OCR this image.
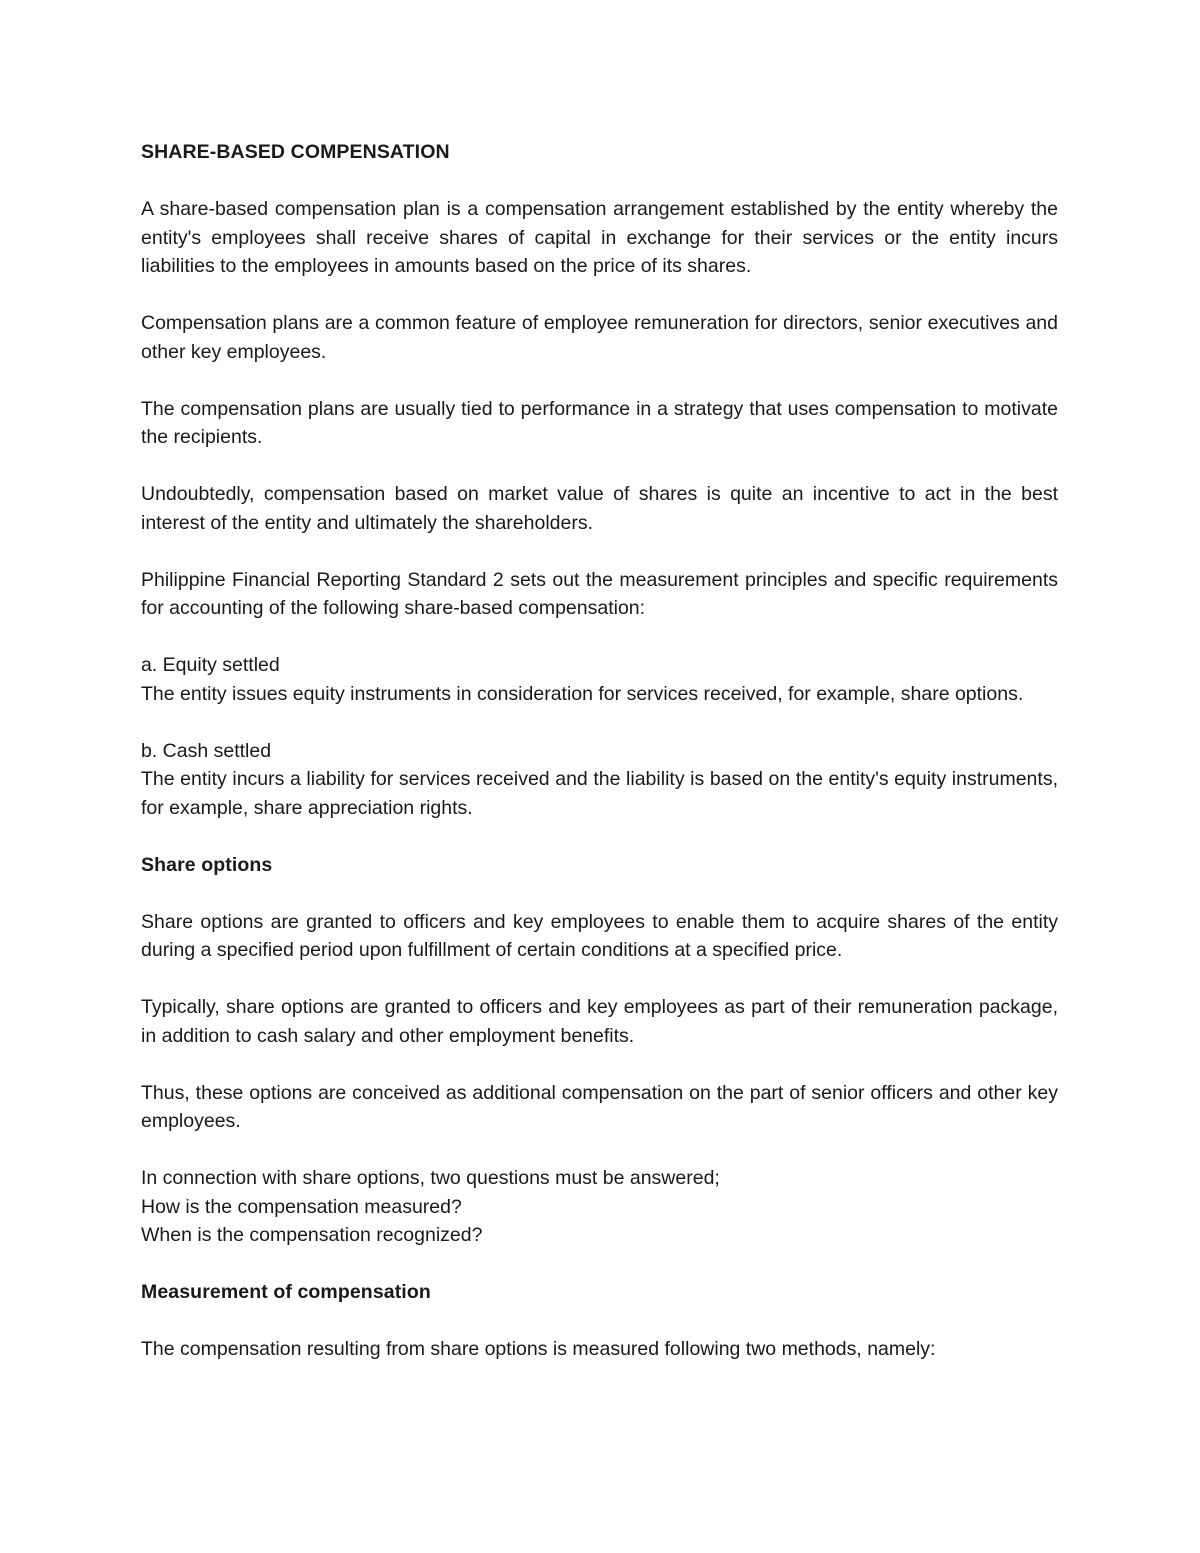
SHARE-BASED COMPENSATION

A share-based compensation plan is a compensation arrangement established by the entity whereby the entity's employees shall receive shares of capital in exchange for their services or the entity incurs liabilities to the employees in amounts based on the price of its shares.

Compensation plans are a common feature of employee remuneration for directors, senior executives and other key employees.

The compensation plans are usually tied to performance in a strategy that uses compensation to motivate the recipients.

Undoubtedly, compensation based on market value of shares is quite an incentive to act in the best interest of the entity and ultimately the shareholders.

Philippine Financial Reporting Standard 2 sets out the measurement principles and specific requirements for accounting of the following share-based compensation:

a. Equity settled

The entity issues equity instruments in consideration for services received, for example, share options.

b. Cash settled

The entity incurs a liability for services received and the liability is based on the entity's equity instruments, for example, share appreciation rights.

Share options

Share options are granted to officers and key employees to enable them to acquire shares of the entity during a specified period upon fulfillment of certain conditions at a specified price.

Typically, share options are granted to officers and key employees as part of their remuneration package, in addition to cash salary and other employment benefits.

Thus, these options are conceived as additional compensation on the part of senior officers and other key employees.

In connection with share options, two questions must be answered;

How is the compensation measured?

When is the compensation recognized?

Measurement of compensation

The compensation resulting from share options is measured following two methods, namely:
